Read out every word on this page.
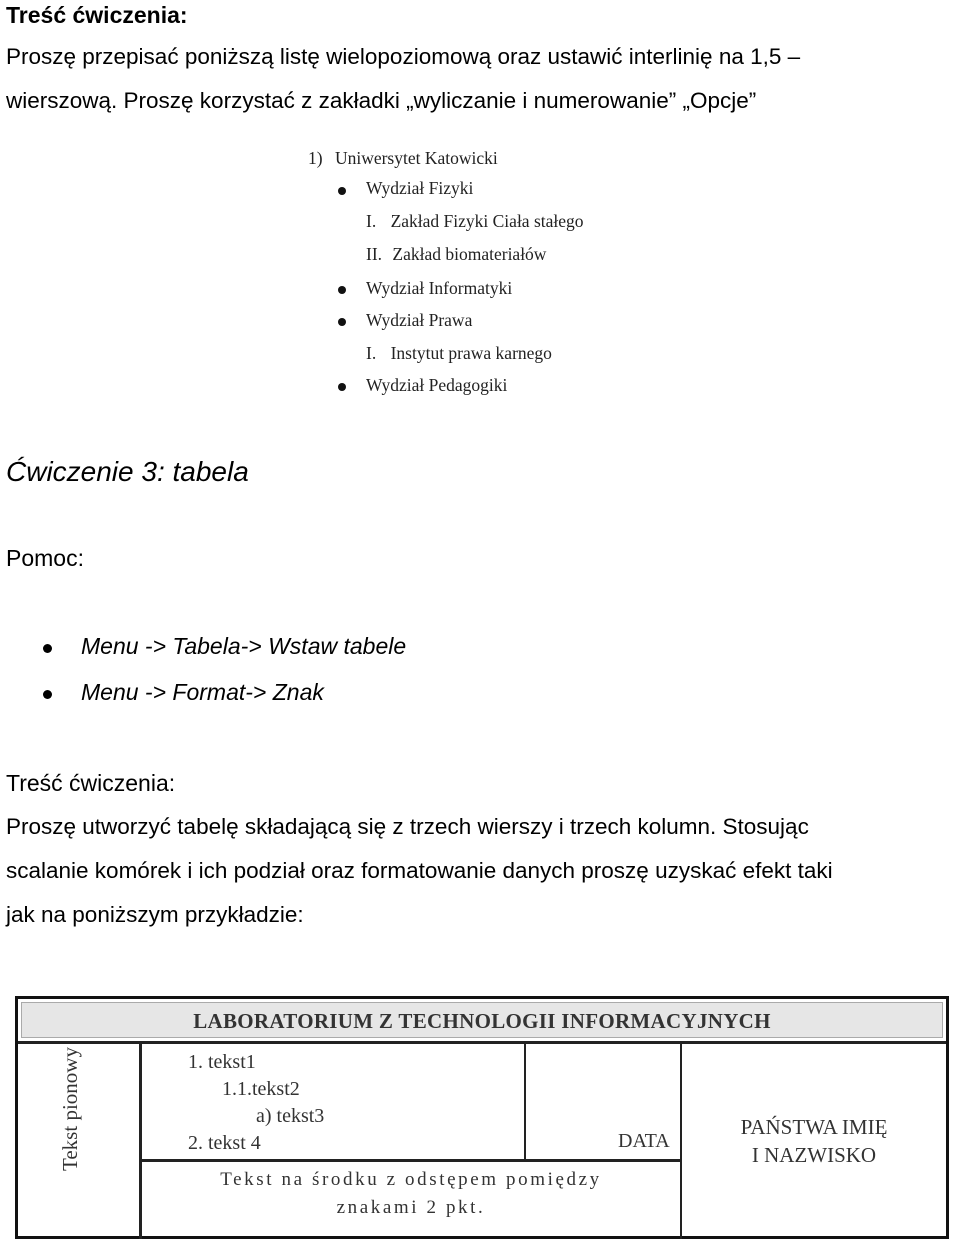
Treść ćwiczenia:
Proszę przepisać poniższą listę wielopoziomową oraz ustawić interlinię na 1,5 –
wierszową. Proszę korzystać z zakładki „wyliczanie i numerowanie” „Opcje”
1) Uniwersytet Katowicki
Wydział Fizyki
I. Zakład Fizyki Ciała stałego
II. Zakład biomateriałów
Wydział Informatyki
Wydział Prawa
I. Instytut prawa karnego
Wydział Pedagogiki
Ćwiczenie 3: tabela
Pomoc:
Menu -> Tabela-> Wstaw tabele
Menu -> Format-> Znak
Treść ćwiczenia:
Proszę utworzyć tabelę składającą się z trzech wierszy i trzech kolumn. Stosując
scalanie komórek i ich podział oraz formatowanie danych proszę uzyskać efekt taki
jak na poniższym przykładzie:
LABORATORIUM Z TECHNOLOGII INFORMACYJNYCH
Tekst pionowy	1. tekst1
1.1.tekst2
a) tekst3
2. tekst 4	DATA
PAŃSTWA IMIĘ
I NAZWISKO
Tekst na środku z odstępem pomiędzy
znakami 2 pkt.
